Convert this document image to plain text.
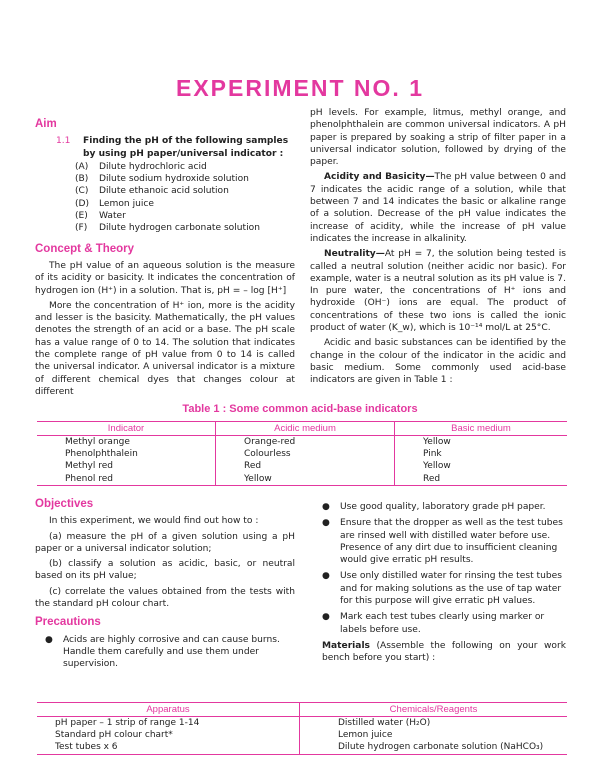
EXPERIMENT NO. 1
Aim
1.1	Finding the pH of the following samples by using pH paper/universal indicator :
(A)	Dilute hydrochloric acid
(B)	Dilute sodium hydroxide solution
(C)	Dilute ethanoic acid solution
(D)	Lemon juice
(E)	Water
(F)	Dilute hydrogen carbonate solution
Concept & Theory

The pH value of an aqueous solution is the measure of its acidity or basicity. It indicates the concentration of hydrogen ion (H⁺) in a solution. That is, pH = – log [H⁺]

More the concentration of H⁺ ion, more is the acidity and lesser is the basicity. Mathematically, the pH values denotes the strength of an acid or a base. The pH scale has a value range of 0 to 14. The solution that indicates the complete range of pH value from 0 to 14 is called the universal indicator. A universal indicator is a mixture of different chemical dyes that changes colour at different

pH levels. For example, litmus, methyl orange, and phenolphthalein are common universal indicators. A pH paper is prepared by soaking a strip of filter paper in a universal indicator solution, followed by drying of the paper.

Acidity and Basicity—The pH value between 0 and 7 indicates the acidic range of a solution, while that between 7 and 14 indicates the basic or alkaline range of a solution. Decrease of the pH value indicates the increase of acidity, while the increase of pH value indicates the increase in alkalinity.

Neutrality—At pH = 7, the solution being tested is called a neutral solution (neither acidic nor basic). For example, water is a neutral solution as its pH value is 7. In pure water, the concentrations of H⁺ ions and hydroxide (OH⁻) ions are equal. The product of concentrations of these two ions is called the ionic product of water (K_w), which is 10⁻¹⁴ mol/L at 25°C.

Acidic and basic substances can be identified by the change in the colour of the indicator in the acidic and basic medium. Some commonly used acid-base indicators are given in Table 1 :

Table 1 : Some common acid-base indicators
Indicator	Acidic medium	Basic medium
Methyl orange	Orange-red	Yellow
Phenolphthalein	Colourless	Pink
Methyl red	Red	Yellow
Phenol red	Yellow	Red
Objectives

In this experiment, we would find out how to :

(a) measure the pH of a given solution using a pH paper or a universal indicator solution;

(b) classify a solution as acidic, basic, or neutral based on its pH value;

(c) correlate the values obtained from the tests with the standard pH colour chart.

Precautions
●	Acids are highly corrosive and can cause burns. Handle them carefully and use them under supervision.
●	Use good quality, laboratory grade pH paper.
●	Ensure that the dropper as well as the test tubes are rinsed well with distilled water before use. Presence of any dirt due to insufficient cleaning would give erratic pH results.
●	Use only distilled water for rinsing the test tubes and for making solutions as the use of tap water for this purpose will give erratic pH values.
●	Mark each test tubes clearly using marker or labels before use.

Materials (Assemble the following on your work bench before you start) :

Apparatus	Chemicals/Reagents
pH paper – 1 strip of range 1-14	Distilled water (H₂O)
Standard pH colour chart*	Lemon juice
Test tubes x 6	Dilute hydrogen carbonate solution (NaHCO₃)
